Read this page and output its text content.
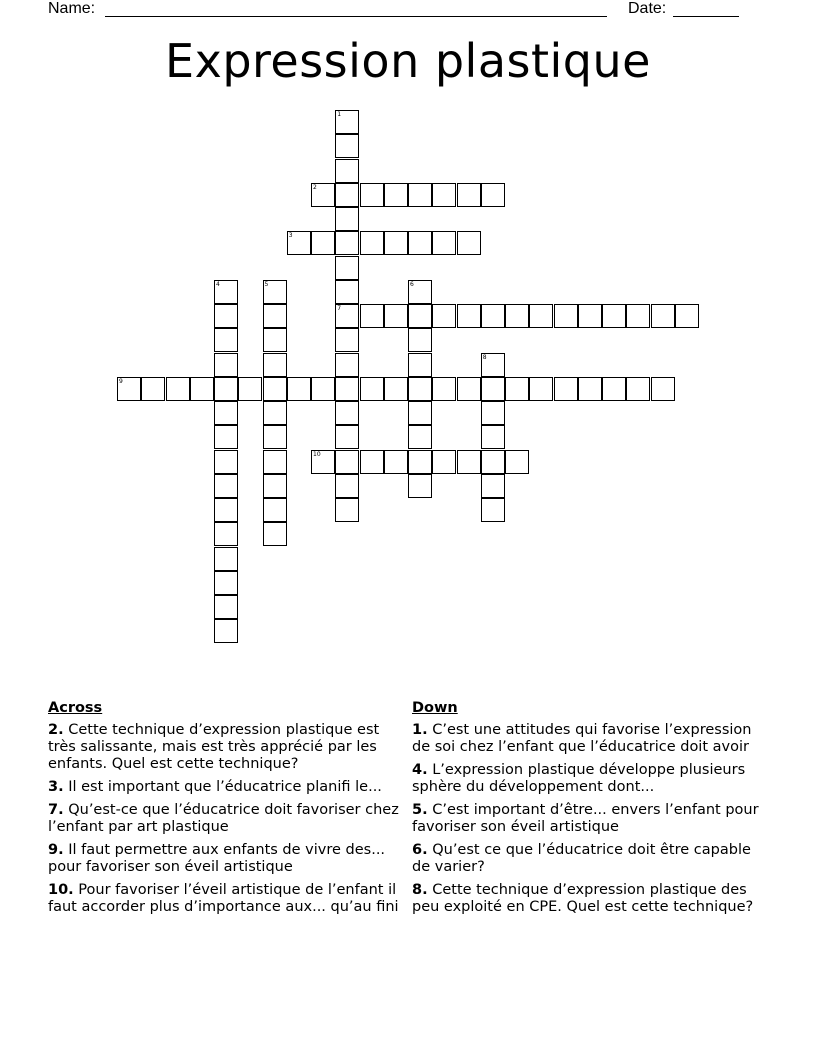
Name:	Date:
Expression plastique
1
7
2
3
4	5	6
8
9
10
Across
2. Cette technique d’expression plastique est très salissante, mais est très apprécié par les enfants. Quel est cette technique?
3. Il est important que l’éducatrice planifi le...
7. Qu’est-ce que l’éducatrice doit favoriser chez l’enfant par art plastique
9. Il faut permettre aux enfants de vivre des... pour favoriser son éveil artistique
10. Pour favoriser l’éveil artistique de l’enfant il faut accorder plus d’importance aux... qu’au fini
Down
1. C’est une attitudes qui favorise l’expression de soi chez l’enfant que l’éducatrice doit avoir
4. L’expression plastique développe plusieurs sphère du développement dont...
5. C’est important d’être... envers l’enfant pour favoriser son éveil artistique
6. Qu’est ce que l’éducatrice doit être capable de varier?
8. Cette technique d’expression plastique des peu exploité en CPE. Quel est cette technique?
